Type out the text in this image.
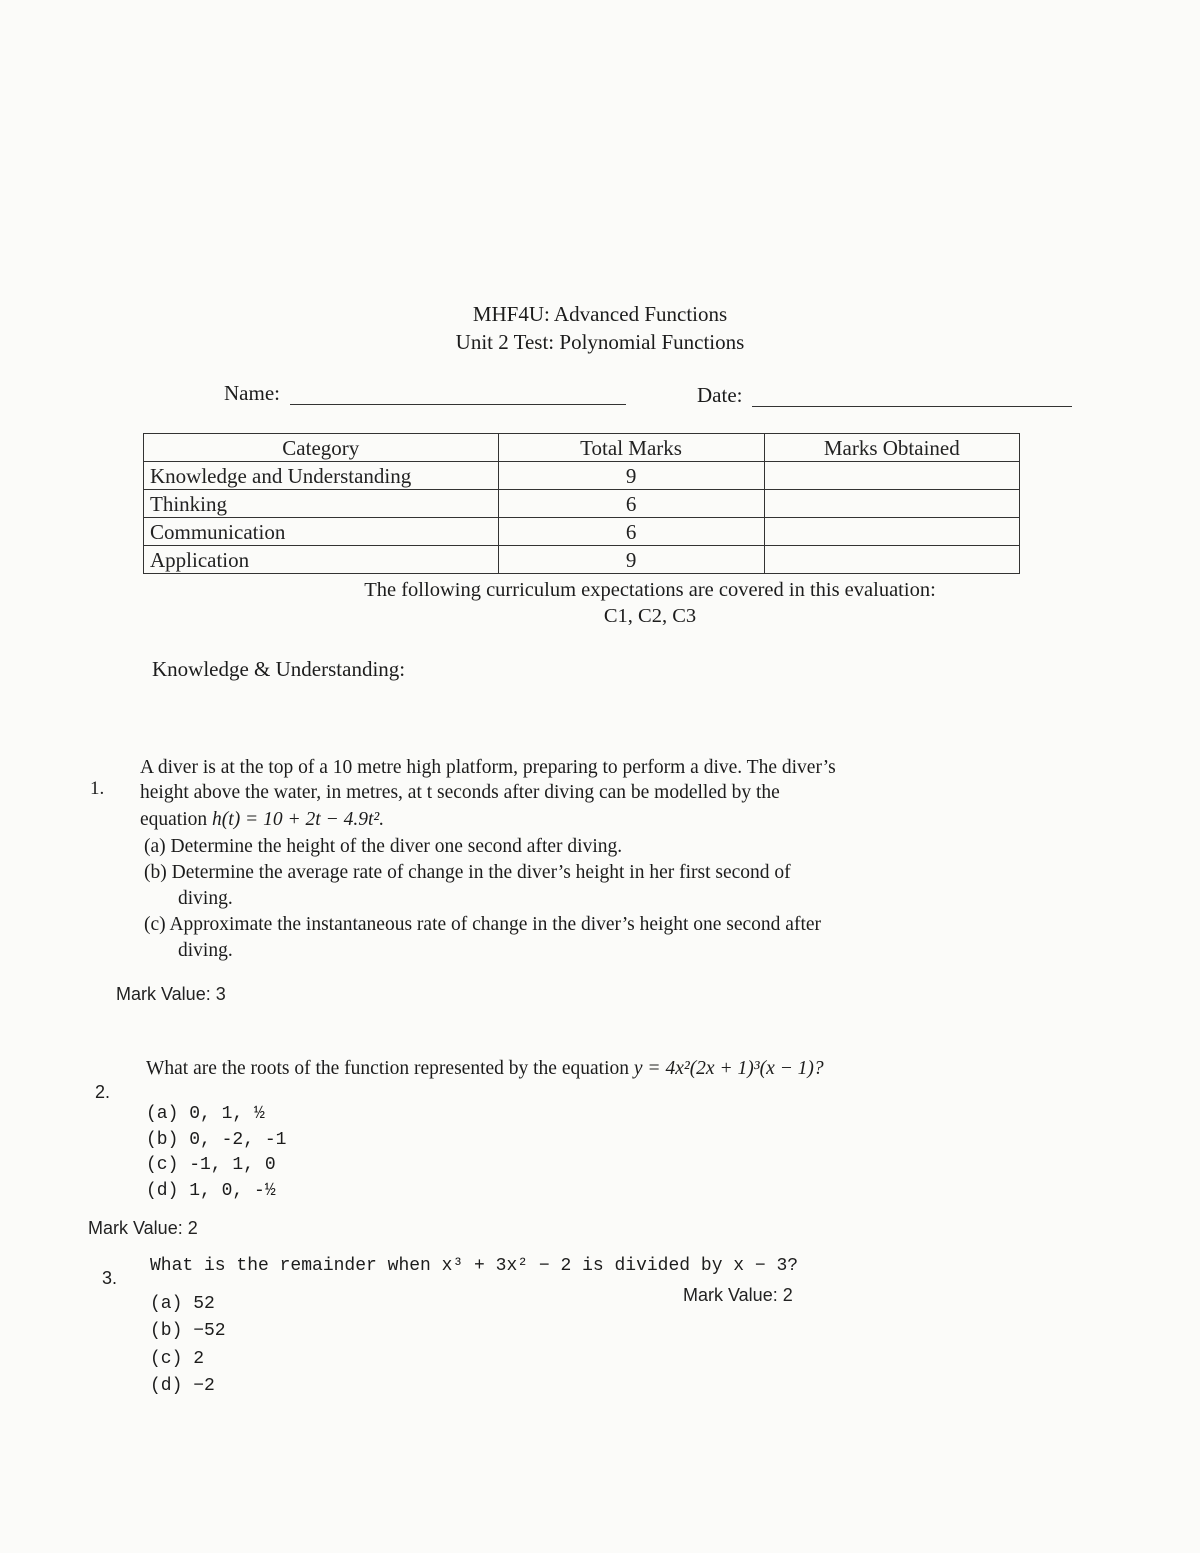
MHF4U: Advanced Functions
Unit 2 Test: Polynomial Functions
Name:	Date:
Category	Total Marks	Marks Obtained
Knowledge and Understanding	9	
Thinking	6	
Communication	6	
Application	9	
The following curriculum expectations are covered in this evaluation:
C1, C2, C3
Knowledge & Understanding:
1.
A diver is at the top of a 10 metre high platform, preparing to perform a dive. The diver’s
height above the water, in metres, at t seconds after diving can be modelled by the
equation h(t) = 10 + 2t − 4.9t².
(a) Determine the height of the diver one second after diving.
(b) Determine the average rate of change in the diver’s height in her first second of
diving.
(c) Approximate the instantaneous rate of change in the diver’s height one second after
diving.
Mark Value: 3
2.
What are the roots of the function represented by the equation y = 4x²(2x + 1)³(x − 1)?
(a) 0, 1, ½
(b) 0, -2, -1
(c) -1, 1, 0
(d) 1, 0, -½
Mark Value: 2
3.
What is the remainder when x³ + 3x² − 2 is divided by x − 3?
Mark Value: 2
(a) 52
(b) −52
(c) 2
(d) −2
